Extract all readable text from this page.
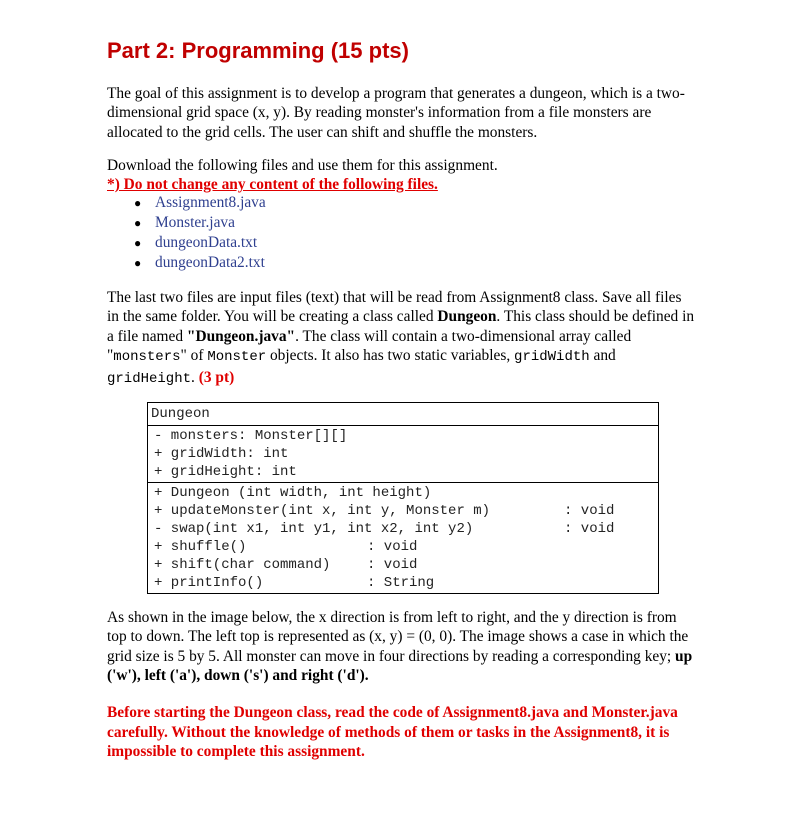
Part 2: Programming (15 pts)

The goal of this assignment is to develop a program that generates a dungeon, which is a two-dimensional grid space (x, y). By reading monster's information from a file monsters are allocated to the grid cells. The user can shift and shuffle the monsters.

Download the following files and use them for this assignment.

*) Do not change any content of the following files.

● Assignment8.java
● Monster.java
● dungeonData.txt
● dungeonData2.txt

The last two files are input files (text) that will be read from Assignment8 class. Save all files in the same folder. You will be creating a class called Dungeon. This class should be defined in a file named "Dungeon.java". The class will contain a two-dimensional array called "monsters" of Monster objects. It also has two static variables, gridWidth and gridHeight. (3 pt)

Dungeon
- monsters: Monster[][]
+ gridWidth: int
+ gridHeight: int
+ Dungeon (int width, int height)
+ updateMonster(int x, int y, Monster m)	: void
- swap(int x1, int y1, int x2, int y2)	: void
+ shuffle()	: void
+ shift(char command)	: void
+ printInfo()	: String

As shown in the image below, the x direction is from left to right, and the y direction is from top to down. The left top is represented as (x, y) = (0, 0). The image shows a case in which the grid size is 5 by 5. All monster can move in four directions by reading a corresponding key; up ('w'), left ('a'), down ('s') and right ('d').

Before starting the Dungeon class, read the code of Assignment8.java and Monster.java carefully. Without the knowledge of methods of them or tasks in the Assignment8, it is impossible to complete this assignment.
